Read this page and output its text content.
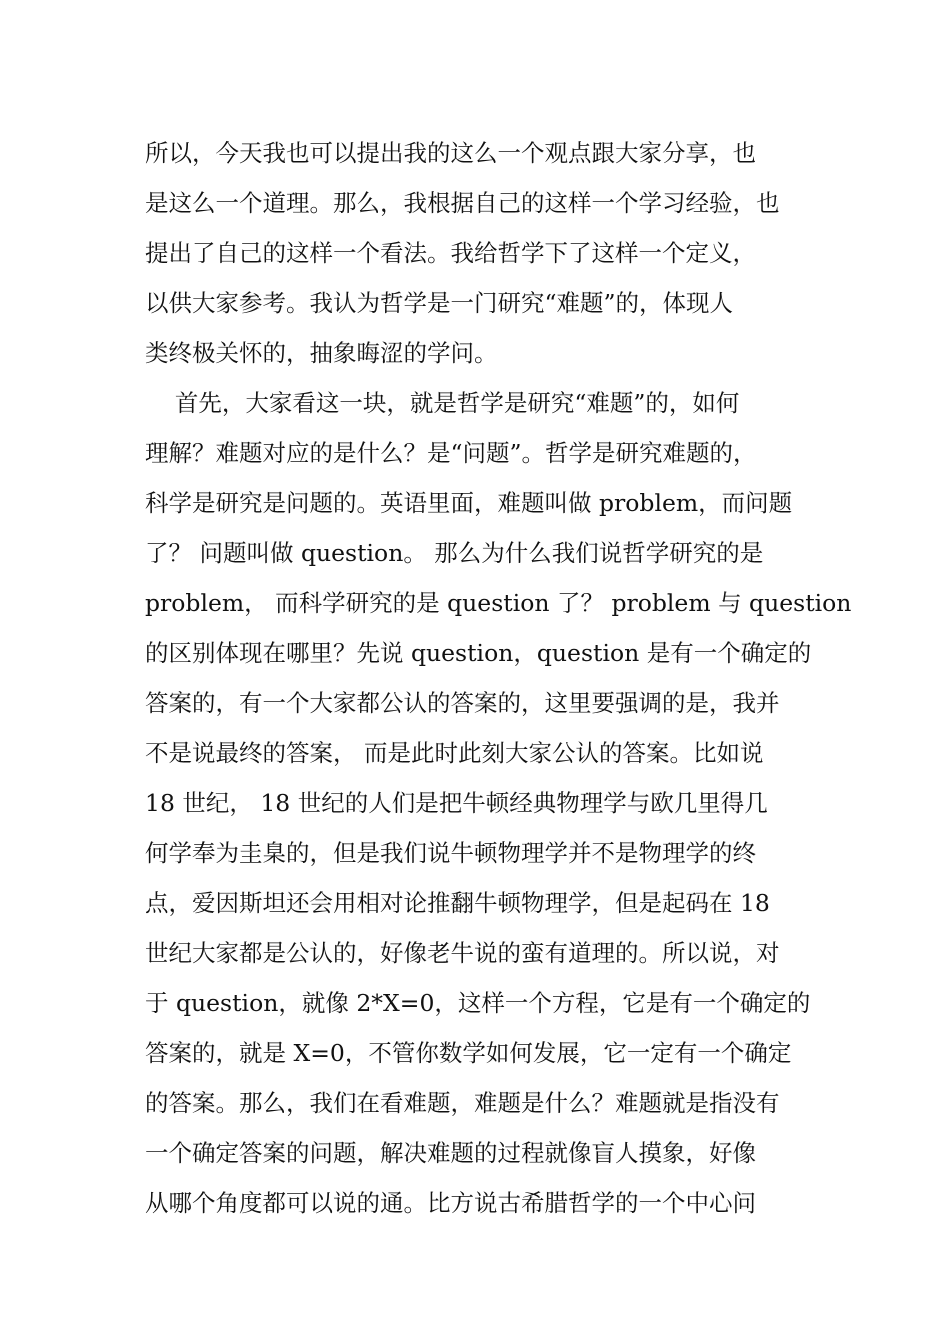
所以，今天我也可以提出我的这么一个观点跟大家分享，也
是这么一个道理。那么，我根据自己的这样一个学习经验，也
提出了自己的这样一个看法。我给哲学下了这样一个定义，
以供大家参考。我认为哲学是一门研究“难题”的，体现人
类终极关怀的，抽象晦涩的学问。
首先，大家看这一块，就是哲学是研究“难题”的，如何
理解？难题对应的是什么？是“问题”。哲学是研究难题的，
科学是研究是问题的。英语里面，难题叫做 problem，而问题
了？ 问题叫做 question。 那么为什么我们说哲学研究的是
problem， 而科学研究的是 question 了？ problem 与 question
的区别体现在哪里？先说 question，question 是有一个确定的
答案的，有一个大家都公认的答案的，这里要强调的是，我并
不是说最终的答案， 而是此时此刻大家公认的答案。比如说
18 世纪， 18 世纪的人们是把牛顿经典物理学与欧几里得几
何学奉为圭臬的，但是我们说牛顿物理学并不是物理学的终
点，爱因斯坦还会用相对论推翻牛顿物理学，但是起码在 18
世纪大家都是公认的，好像老牛说的蛮有道理的。所以说，对
于 question，就像 2*X=0，这样一个方程，它是有一个确定的
答案的，就是 X=0，不管你数学如何发展，它一定有一个确定
的答案。那么，我们在看难题，难题是什么？难题就是指没有
一个确定答案的问题，解决难题的过程就像盲人摸象，好像
从哪个角度都可以说的通。比方说古希腊哲学的一个中心问
